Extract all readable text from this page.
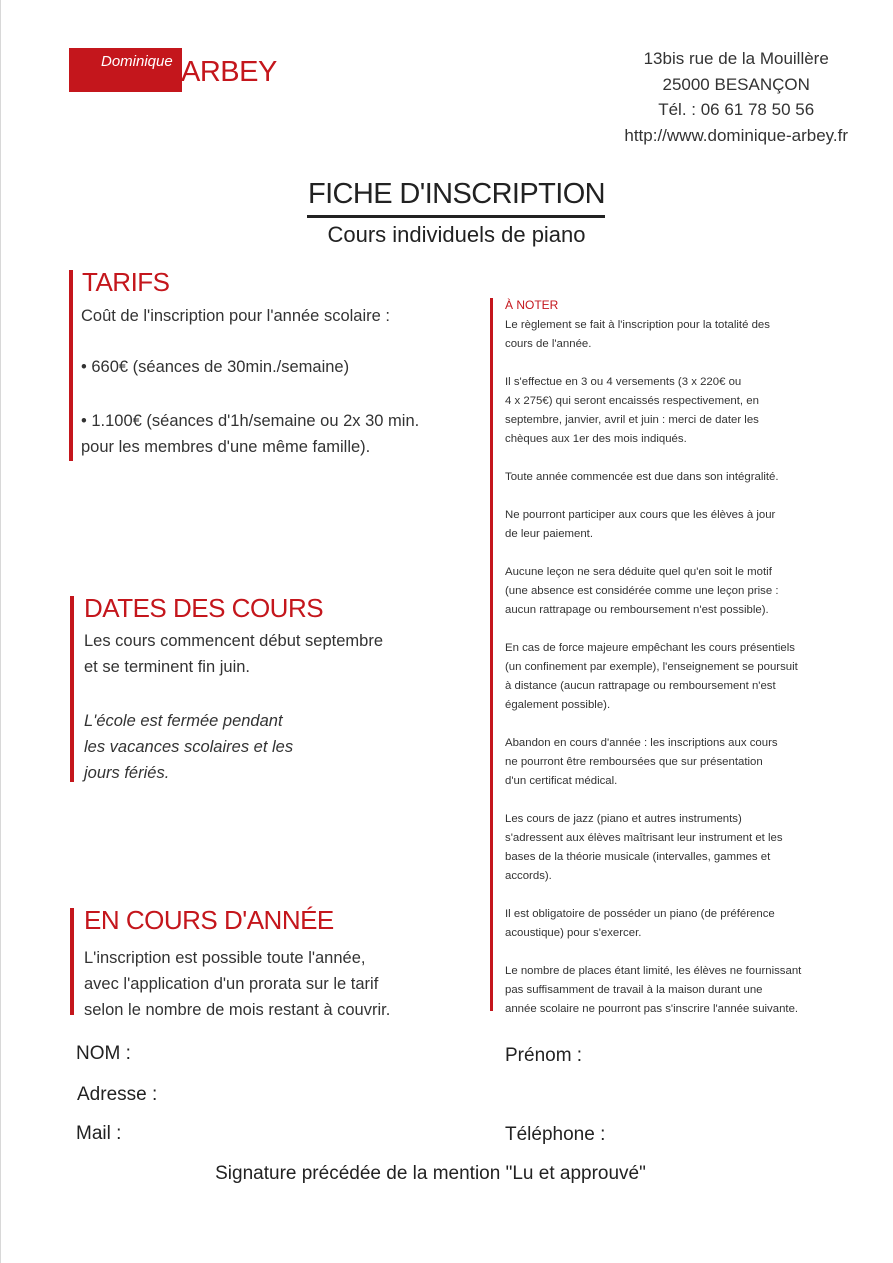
Dominique ARBEY	13bis rue de la Mouillère
25000 BESANÇON
Tél. : 06 61 78 50 56
http://www.dominique-arbey.fr
FICHE D'INSCRIPTION
Cours individuels de piano
TARIFS
Coût de l'inscription pour l'année scolaire :
• 660€ (séances de 30min./semaine)
• 1.100€ (séances d'1h/semaine ou 2x 30 min.
pour les membres d'une même famille).
DATES DES COURS
Les cours commencent début septembre
et se terminent fin juin.
L'école est fermée pendant
les vacances scolaires et les
jours fériés.
EN COURS D'ANNÉE
L'inscription est possible toute l'année,
avec l'application d'un prorata sur le tarif
selon le nombre de mois restant à couvrir.
À NOTER

Le règlement se fait à l'inscription pour la totalité des
cours de l'année.

Il s'effectue en 3 ou 4 versements (3 x 220€ ou
4 x 275€) qui seront encaissés respectivement, en
septembre, janvier, avril et juin : merci de dater les
chèques aux 1er des mois indiqués.

Toute année commencée est due dans son intégralité.

Ne pourront participer aux cours que les élèves à jour
de leur paiement.

Aucune leçon ne sera déduite quel qu'en soit le motif
(une absence est considérée comme une leçon prise :
aucun rattrapage ou remboursement n'est possible).

En cas de force majeure empêchant les cours présentiels
(un confinement par exemple), l'enseignement se poursuit
à distance (aucun rattrapage ou remboursement n'est
également possible).

Abandon en cours d'année : les inscriptions aux cours
ne pourront être remboursées que sur présentation
d'un certificat médical.

Les cours de jazz (piano et autres instruments)
s'adressent aux élèves maîtrisant leur instrument et les
bases de la théorie musicale (intervalles, gammes et
accords).

Il est obligatoire de posséder un piano (de préférence
acoustique) pour s'exercer.

Le nombre de places étant limité, les élèves ne fournissant
pas suffisamment de travail à la maison durant une
année scolaire ne pourront pas s'inscrire l'année suivante.

NOM :	Prénom :
Adresse :
Mail :	Téléphone :
Signature précédée de la mention "Lu et approuvé"
